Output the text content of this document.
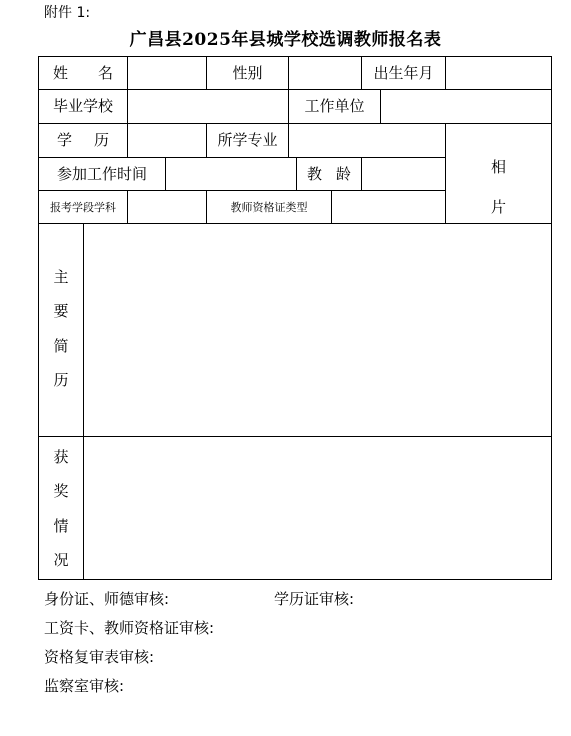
附件 1:
广昌县2025年县城学校选调教师报名表
姓 名	性别	出生年月
毕业学校	工作单位
学 历	所学专业
参加工作时间	教 龄
报考学段学科	教师资格证类型
相
片
主
要
简
历
获
奖
情
况
身份证、师德审核:	学历证审核:
工资卡、教师资格证审核:
资格复审表审核:
监察室审核:
